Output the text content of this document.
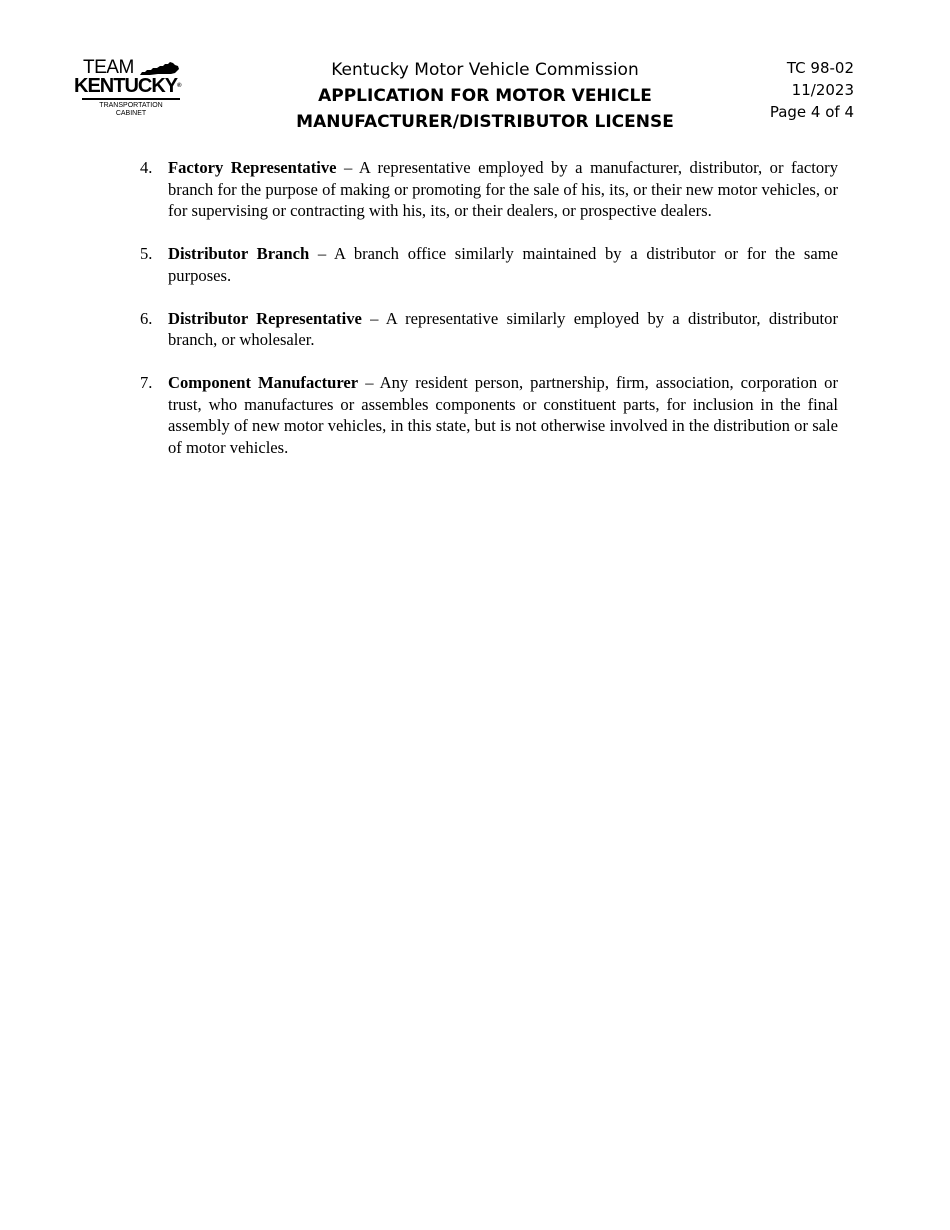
TEAM
KENTUCKY®
TRANSPORTATION
CABINET
Kentucky Motor Vehicle Commission
APPLICATION FOR MOTOR VEHICLE
MANUFACTURER/DISTRIBUTOR LICENSE
TC 98-02
11/2023
Page 4 of 4
4. Factory Representative – A representative employed by a manufacturer, distributor, or factory branch for the purpose of making or promoting for the sale of his, its, or their new motor vehicles, or for supervising or contracting with his, its, or their dealers, or prospective dealers.
5. Distributor Branch – A branch office similarly maintained by a distributor or for the same purposes.
6. Distributor Representative – A representative similarly employed by a distributor, distributor branch, or wholesaler.
7. Component Manufacturer – Any resident person, partnership, firm, association, corporation or trust, who manufactures or assembles components or constituent parts, for inclusion in the final assembly of new motor vehicles, in this state, but is not otherwise involved in the distribution or sale of motor vehicles.
